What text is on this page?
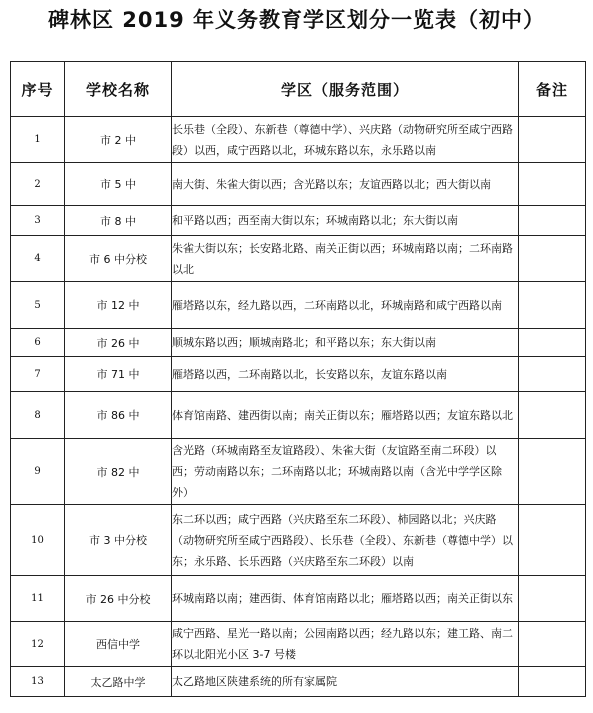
碑林区 2019 年义务教育学区划分一览表（初中）
序号	学校名称	学区（服务范围）	备注
1	市 2 中	长乐巷（全段）、东新巷（尊德中学）、兴庆路（动物研究所至咸宁西路段）以西，咸宁西路以北，环城东路以东，永乐路以南	
2	市 5 中	南大街、朱雀大街以西；含光路以东；友谊西路以北；西大街以南	
3	市 8 中	和平路以西；西至南大街以东；环城南路以北；东大街以南	
4	市 6 中分校	朱雀大街以东；长安路北路、南关正街以西；环城南路以南；二环南路以北	
5	市 12 中	雁塔路以东，经九路以西，二环南路以北，环城南路和咸宁西路以南	
6	市 26 中	顺城东路以西；顺城南路北；和平路以东；东大街以南	
7	市 71 中	雁塔路以西，二环南路以北，长安路以东，友谊东路以南	
8	市 86 中	体育馆南路、建西街以南；南关正街以东；雁塔路以西；友谊东路以北	
9	市 82 中	含光路（环城南路至友谊路段）、朱雀大街（友谊路至南二环段）以西；劳动南路以东；二环南路以北；环城南路以南（含光中学学区除外）	
10	市 3 中分校	东二环以西；咸宁西路（兴庆路至东二环段）、柿园路以北；兴庆路（动物研究所至咸宁西路段）、长乐巷（全段）、东新巷（尊德中学）以东；永乐路、长乐西路（兴庆路至东二环段）以南	
11	市 26 中分校	环城南路以南；建西街、体育馆南路以北；雁塔路以西；南关正街以东	
12	西信中学	咸宁西路、星光一路以南；公园南路以西；经九路以东；建工路、南二环以北阳光小区 3-7 号楼	
13	太乙路中学	太乙路地区陕建系统的所有家属院	
